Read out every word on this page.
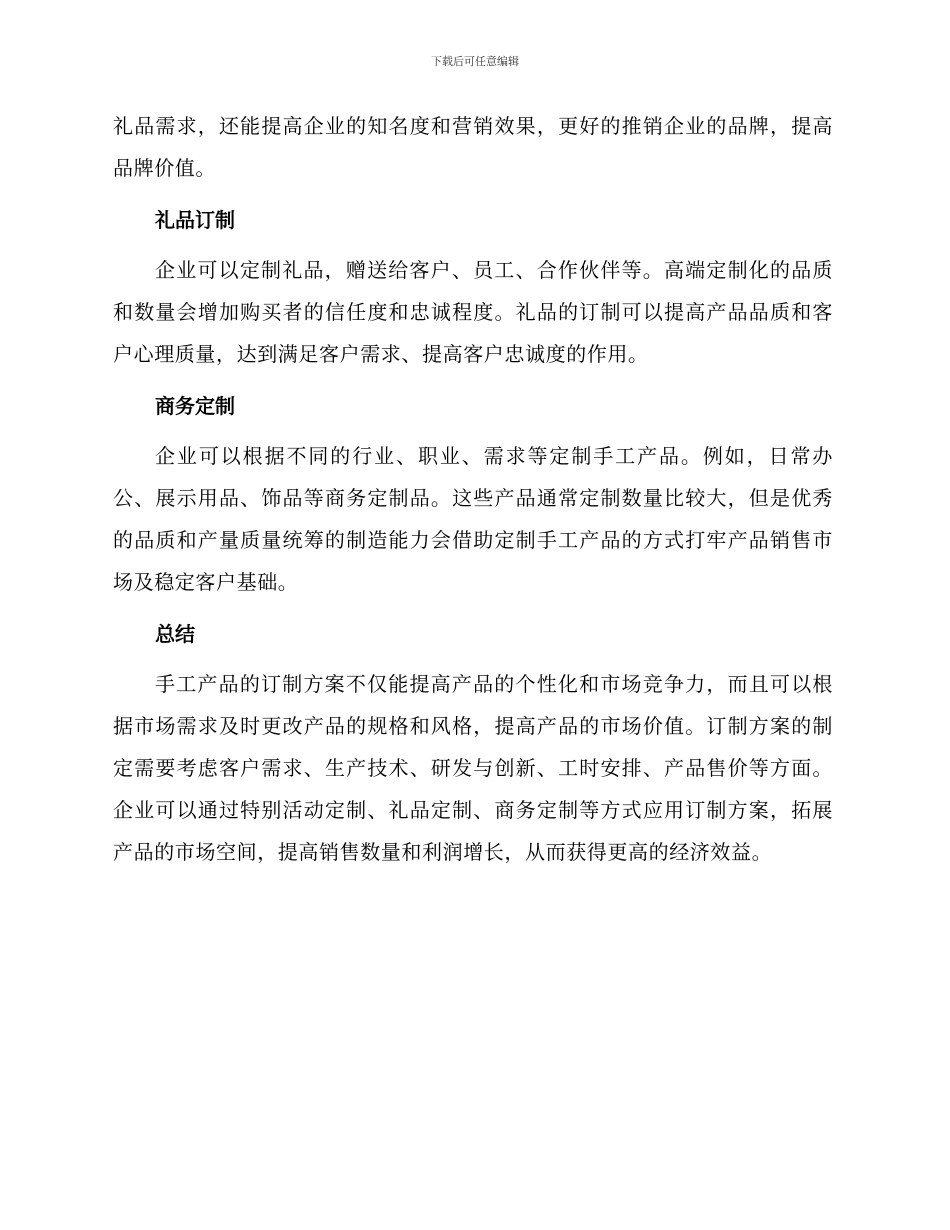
下载后可任意编辑

礼品需求，还能提高企业的知名度和营销效果，更好的推销企业的品牌，提高品牌价值。

礼品订制

企业可以定制礼品，赠送给客户、员工、合作伙伴等。高端定制化的品质和数量会增加购买者的信任度和忠诚程度。礼品的订制可以提高产品品质和客户心理质量，达到满足客户需求、提高客户忠诚度的作用。

商务定制

企业可以根据不同的行业、职业、需求等定制手工产品。例如，日常办公、展示用品、饰品等商务定制品。这些产品通常定制数量比较大，但是优秀的品质和产量质量统筹的制造能力会借助定制手工产品的方式打牢产品销售市场及稳定客户基础。

总结

手工产品的订制方案不仅能提高产品的个性化和市场竞争力，而且可以根据市场需求及时更改产品的规格和风格，提高产品的市场价值。订制方案的制定需要考虑客户需求、生产技术、研发与创新、工时安排、产品售价等方面。企业可以通过特别活动定制、礼品定制、商务定制等方式应用订制方案，拓展产品的市场空间，提高销售数量和利润增长，从而获得更高的经济效益。
